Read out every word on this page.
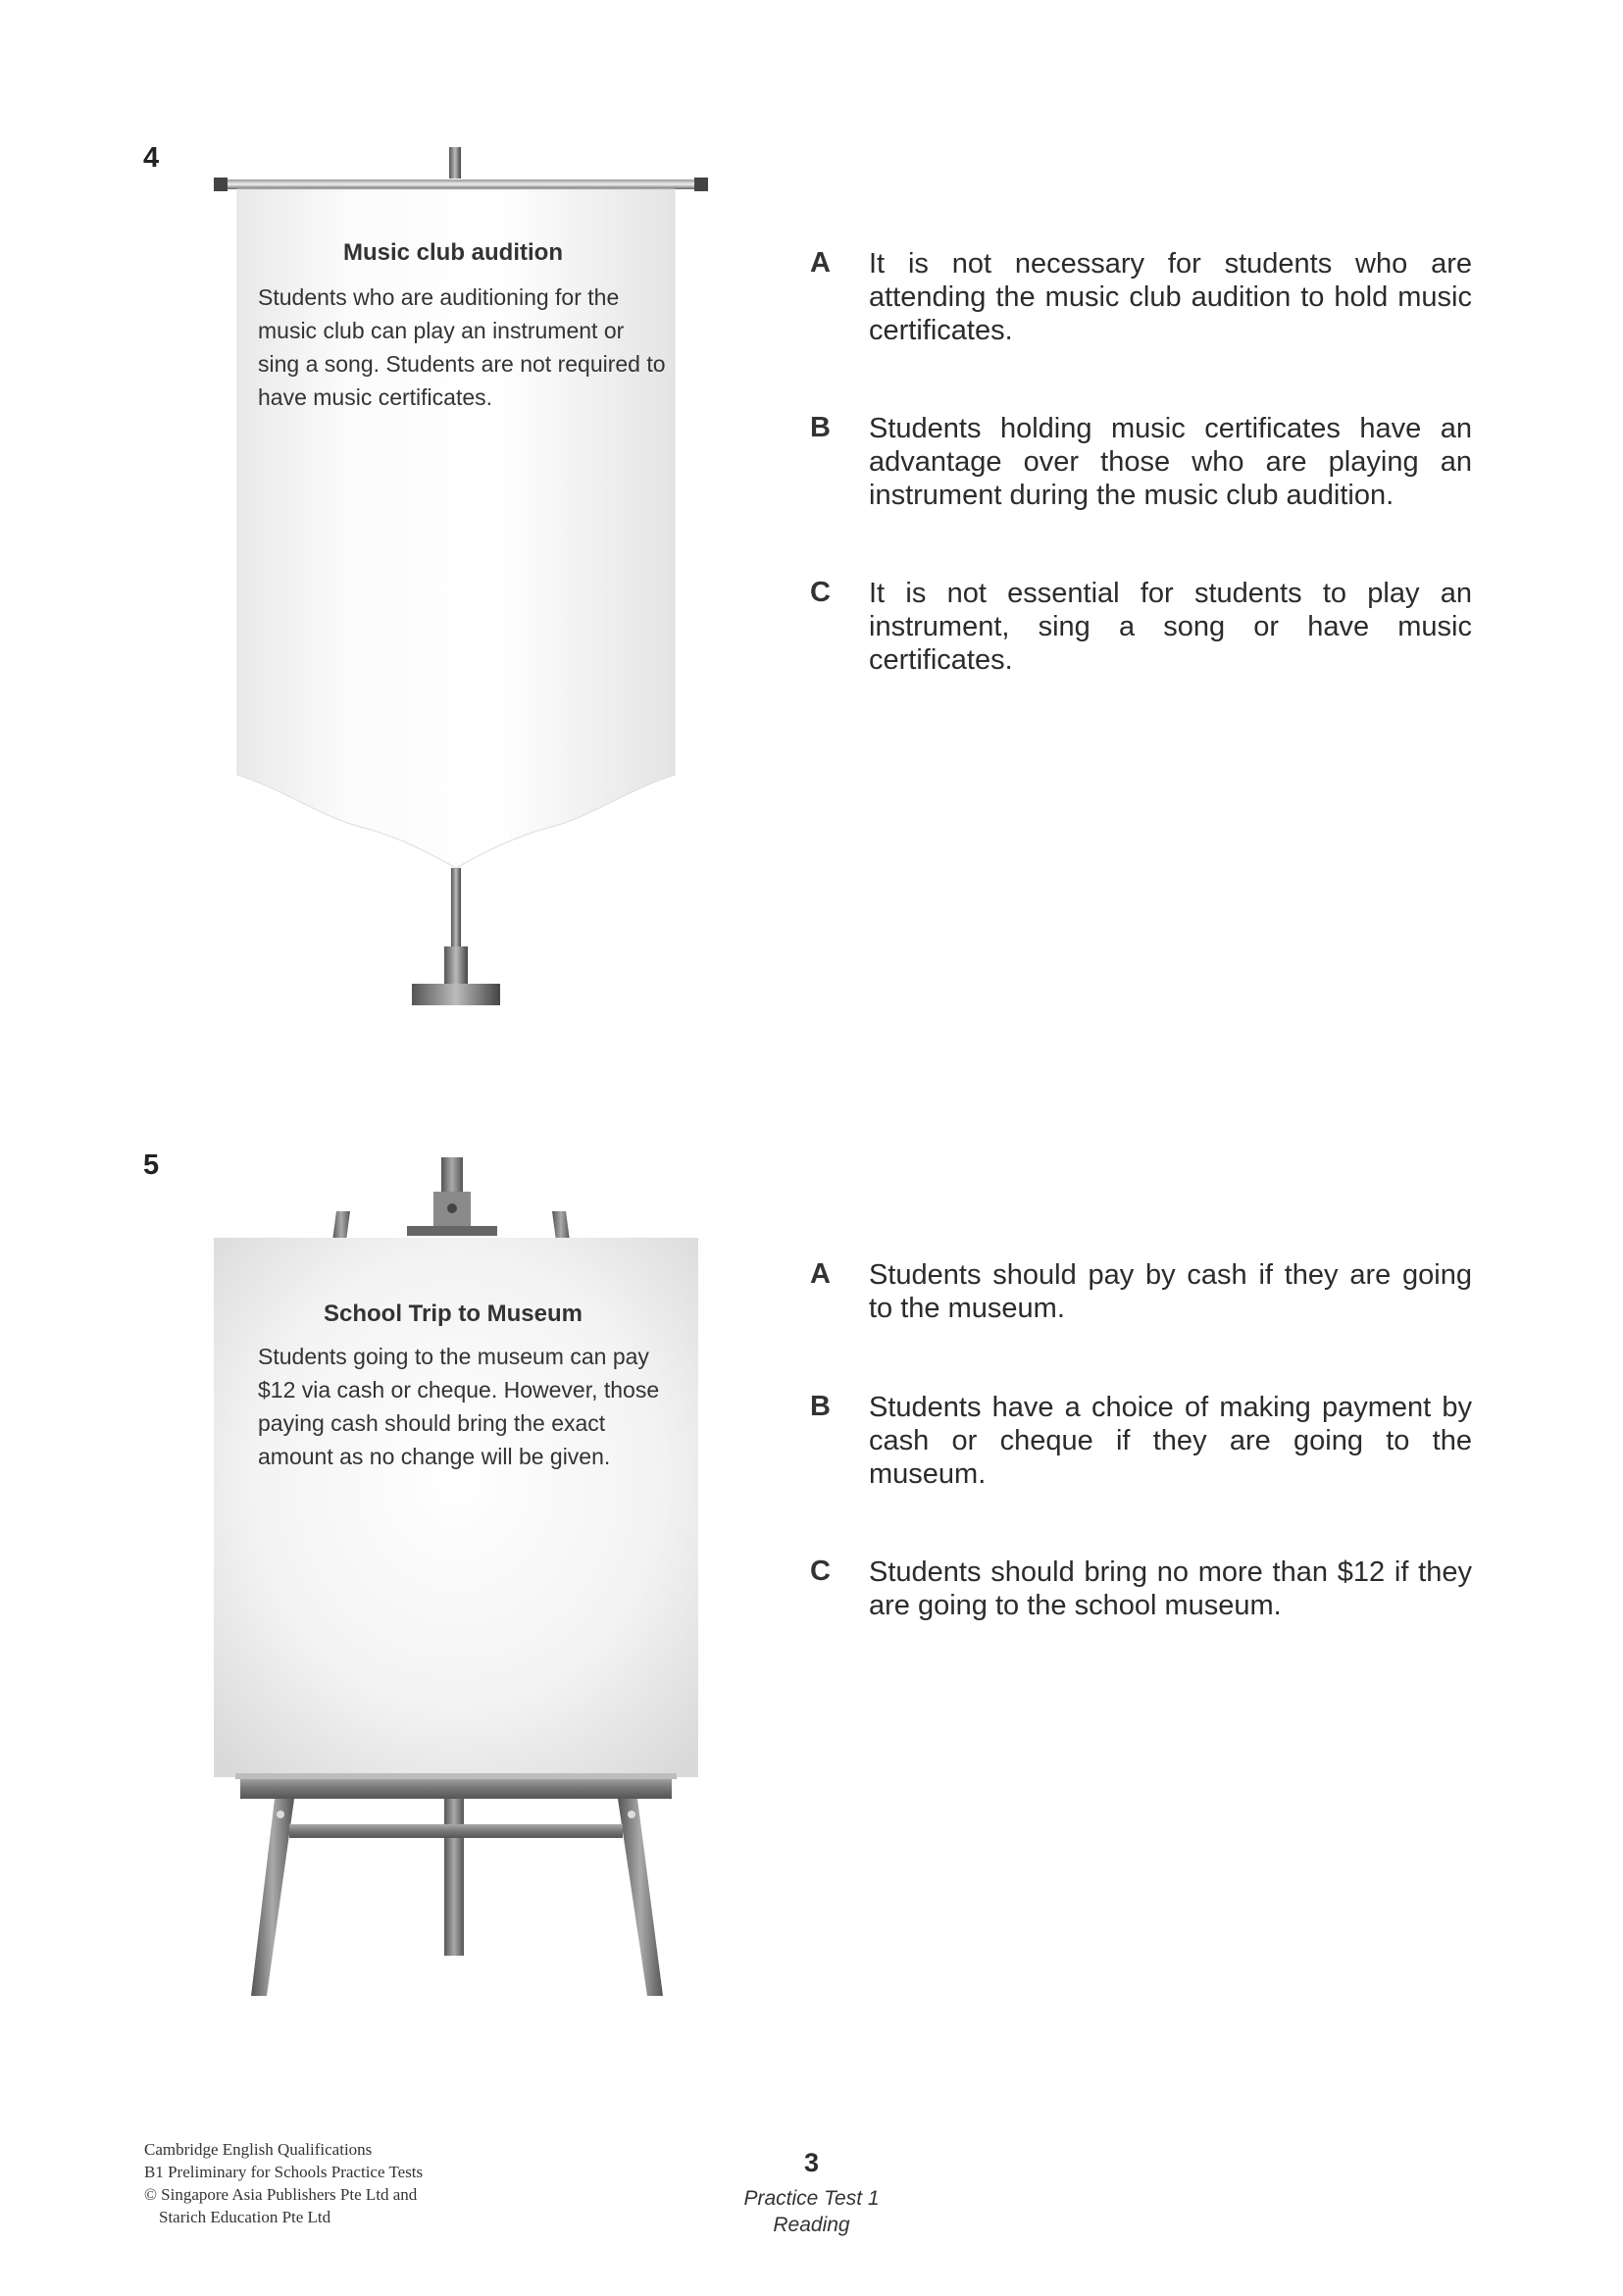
4
Music club audition
Students who are auditioning for the music club can play an instrument or sing a song. Students are not required to have music certificates.
A It is not necessary for students who are attending the music club audition to hold music certificates.
B Students holding music certificates have an advantage over those who are playing an instrument during the music club audition.
C It is not essential for students to play an instrument, sing a song or have music certificates.
5
School Trip to Museum
Students going to the museum can pay $12 via cash or cheque. However, those paying cash should bring the exact amount as no change will be given.
A Students should pay by cash if they are going to the museum.
B Students have a choice of making payment by cash or cheque if they are going to the museum.
C Students should bring no more than $12 if they are going to the school museum.
Cambridge English Qualifications
B1 Preliminary for Schools Practice Tests
© Singapore Asia Publishers Pte Ltd and
Starich Education Pte Ltd
3
Practice Test 1
Reading
